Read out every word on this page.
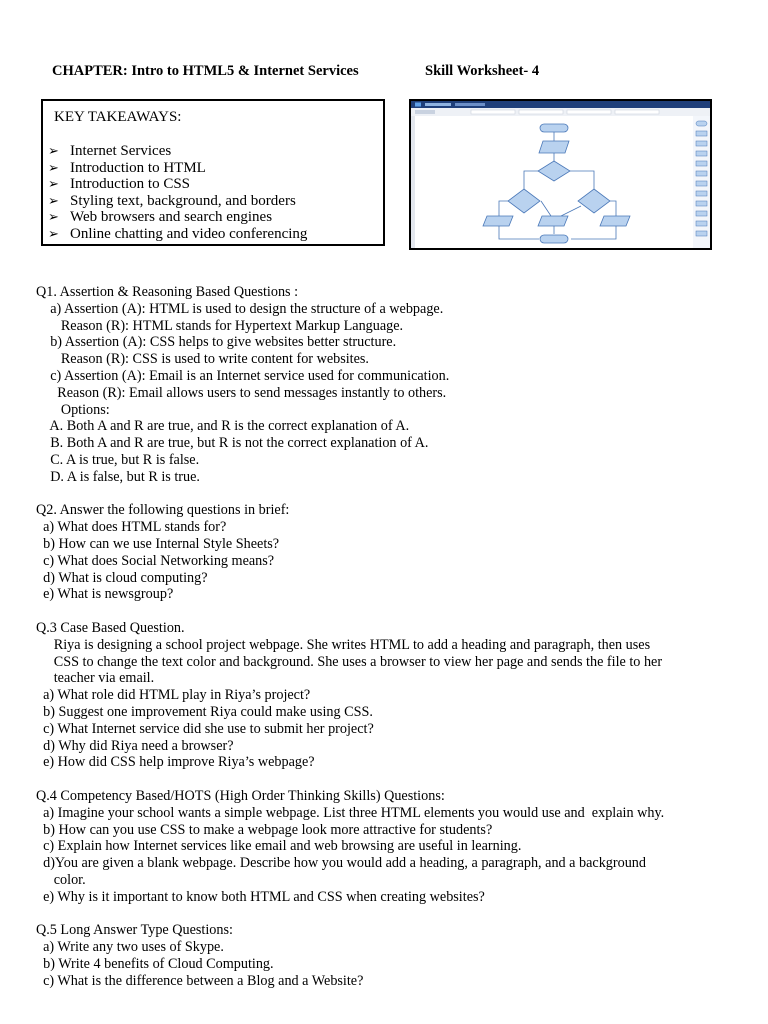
CHAPTER: Intro to HTML5 & Internet Services	Skill Worksheet- 4
KEY TAKEAWAYS:
➢ Internet Services
➢ Introduction to HTML
➢ Introduction to CSS
➢ Styling text, background, and borders
➢ Web browsers and search engines
➢ Online chatting and video conferencing
Q1. Assertion & Reasoning Based Questions :
a) Assertion (A): HTML is used to design the structure of a webpage.
Reason (R): HTML stands for Hypertext Markup Language.
b) Assertion (A): CSS helps to give websites better structure.
Reason (R): CSS is used to write content for websites.
c) Assertion (A): Email is an Internet service used for communication.
Reason (R): Email allows users to send messages instantly to others.
Options:
A. Both A and R are true, and R is the correct explanation of A.
B. Both A and R are true, but R is not the correct explanation of A.
C. A is true, but R is false.
D. A is false, but R is true.
Q2. Answer the following questions in brief:
a) What does HTML stands for?
b) How can we use Internal Style Sheets?
c) What does Social Networking means?
d) What is cloud computing?
e) What is newsgroup?
Q.3 Case Based Question.
Riya is designing a school project webpage. She writes HTML to add a heading and paragraph, then uses
CSS to change the text color and background. She uses a browser to view her page and sends the file to her
teacher via email.
a) What role did HTML play in Riya’s project?
b) Suggest one improvement Riya could make using CSS.
c) What Internet service did she use to submit her project?
d) Why did Riya need a browser?
e) How did CSS help improve Riya’s webpage?
Q.4 Competency Based/HOTS (High Order Thinking Skills) Questions:
a) Imagine your school wants a simple webpage. List three HTML elements you would use and  explain why.
b) How can you use CSS to make a webpage look more attractive for students?
c) Explain how Internet services like email and web browsing are useful in learning.
d)You are given a blank webpage. Describe how you would add a heading, a paragraph, and a background
color.
e) Why is it important to know both HTML and CSS when creating websites?
Q.5 Long Answer Type Questions:
a) Write any two uses of Skype.
b) Write 4 benefits of Cloud Computing.
c) What is the difference between a Blog and a Website?
